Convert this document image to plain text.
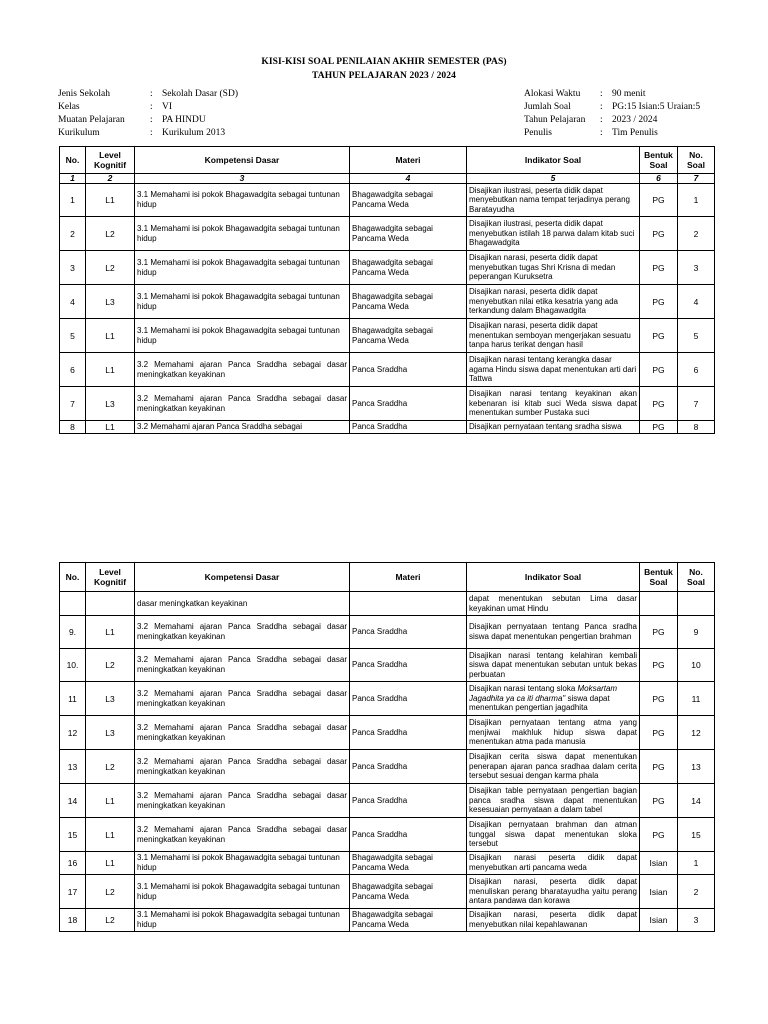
KISI-KISI SOAL PENILAIAN AKHIR SEMESTER (PAS)
TAHUN PELAJARAN 2023 / 2024
Jenis Sekolah	: Sekolah Dasar (SD)
Kelas	: VI
Muatan Pelajaran	: PA HINDU
Kurikulum	: Kurikulum 2013
Alokasi Waktu	: 90 menit
Jumlah Soal	: PG:15 Isian:5 Uraian:5
Tahun Pelajaran	: 2023 / 2024
Penulis	: Tim Penulis
No.	Level Kognitif	Kompetensi Dasar	Materi	Indikator Soal	Bentuk Soal	No. Soal
1	2	3	4	5	6	7
1	L1	3.1 Memahami isi pokok Bhagawadgita sebagai tuntunan hidup	Bhagawadgita sebagai Pancama Weda	Disajikan ilustrasi, peserta didik dapat menyebutkan nama tempat terjadinya perang Baratayudha	PG	1
2	L2	3.1 Memahami isi pokok Bhagawadgita sebagai tuntunan hidup	Bhagawadgita sebagai Pancama Weda	Disajikan ilustrasi, peserta didik dapat menyebutkan istilah 18 parwa dalam kitab suci Bhagawadgita	PG	2
3	L2	3.1 Memahami isi pokok Bhagawadgita sebagai tuntunan hidup	Bhagawadgita sebagai Pancama Weda	Disajikan narasi, peserta didik dapat menyebutkan tugas Shri Krisna di medan peperangan Kuruksetra	PG	3
4	L3	3.1 Memahami isi pokok Bhagawadgita sebagai tuntunan hidup	Bhagawadgita sebagai Pancama Weda	Disajikan narasi, peserta didik dapat menyebutkan nilai etika kesatria yang ada terkandung dalam Bhagawadgita	PG	4
5	L1	3.1 Memahami isi pokok Bhagawadgita sebagai tuntunan hidup	Bhagawadgita sebagai Pancama Weda	Disajikan narasi, peserta didik dapat menentukan semboyan mengerjakan sesuatu tanpa harus terikat dengan hasil	PG	5
6	L1	3.2 Memahami ajaran Panca Sraddha sebagai dasar meningkatkan keyakinan	Panca Sraddha	Disajikan narasi tentang kerangka dasar agama Hindu siswa dapat menentukan arti dari Tattwa	PG	6
7	L3	3.2 Memahami ajaran Panca Sraddha sebagai dasar meningkatkan keyakinan	Panca Sraddha	Disajikan narasi tentang keyakinan akan kebenaran isi kitab suci Weda siswa dapat menentukan sumber Pustaka suci	PG	7
8	L1	3.2 Memahami ajaran Panca Sraddha sebagai	Panca Sraddha	Disajikan pernyataan tentang sradha siswa	PG	8
No.	Level Kognitif	Kompetensi Dasar	Materi	Indikator Soal	Bentuk Soal	No. Soal
		dasar meningkatkan keyakinan		dapat menentukan sebutan Lima dasar keyakinan umat Hindu		
9.	L1	3.2 Memahami ajaran Panca Sraddha sebagai dasar meningkatkan keyakinan	Panca Sraddha	Disajikan pernyataan tentang Panca sradha siswa dapat menentukan pengertian brahman	PG	9
10.	L2	3.2 Memahami ajaran Panca Sraddha sebagai dasar meningkatkan keyakinan	Panca Sraddha	Disajikan narasi tentang kelahiran kembali siswa dapat menentukan sebutan untuk bekas perbuatan	PG	10
11	L3	3.2 Memahami ajaran Panca Sraddha sebagai dasar meningkatkan keyakinan	Panca Sraddha	Disajikan narasi tentang sloka Moksartam Jagadhita ya ca iti dharma" siswa dapat menentukan pengertian jagadhita	PG	11
12	L3	3.2 Memahami ajaran Panca Sraddha sebagai dasar meningkatkan keyakinan	Panca Sraddha	Disajikan pernyataan tentang atma yang menjiwai makhluk hidup siswa dapat menentukan atma pada manusia	PG	12
13	L2	3.2 Memahami ajaran Panca Sraddha sebagai dasar meningkatkan keyakinan	Panca Sraddha	Disajikan cerita siswa dapat menentukan penerapan ajaran panca sradhaa dalam cerita tersebut sesuai dengan karma phala	PG	13
14	L1	3.2 Memahami ajaran Panca Sraddha sebagai dasar meningkatkan keyakinan	Panca Sraddha	Disajikan table pernyataan pengertian bagian panca sradha siswa dapat menentukan kesesuaian pernyataan a dalam tabel	PG	14
15	L1	3.2 Memahami ajaran Panca Sraddha sebagai dasar meningkatkan keyakinan	Panca Sraddha	Disajikan pernyataan brahman dan atman tunggal siswa dapat menentukan sloka tersebut	PG	15
16	L1	3.1 Memahami isi pokok Bhagawadgita sebagai tuntunan hidup	Bhagawadgita sebagai Pancama Weda	Disajikan narasi peserta didik dapat menyebutkan arti pancama weda	Isian	1
17	L2	3.1 Memahami isi pokok Bhagawadgita sebagai tuntunan hidup	Bhagawadgita sebagai Pancama Weda	Disajikan narasi, peserta didik dapat menuliskan perang bharatayudha yaitu perang antara pandawa dan korawa	Isian	2
18	L2	3.1 Memahami isi pokok Bhagawadgita sebagai tuntunan hidup	Bhagawadgita sebagai Pancama Weda	Disajikan narasi, peserta didik dapat menyebutkan nilai kepahlawanan	Isian	3
